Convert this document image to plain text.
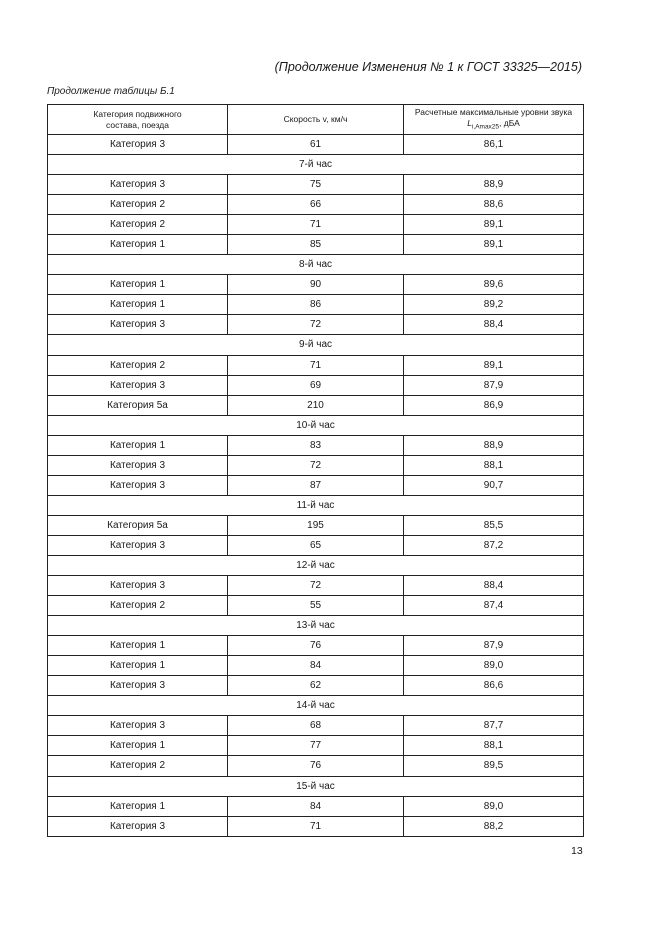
(Продолжение Изменения № 1 к ГОСТ 33325—2015)
Продолжение таблицы Б.1
Категория подвижного состава, поезда	Скорость v, км/ч	Расчетные максимальные уровни звука
$L_{i,Amax25}$, дБА
Категория 3	61	86,1
7-й час		
Категория 3	75	88,9
Категория 2	66	88,6
Категория 2	71	89,1
Категория 1	85	89,1
8-й час		
Категория 1	90	89,6
Категория 1	86	89,2
Категория 3	72	88,4
9-й час		
Категория 2	71	89,1
Категория 3	69	87,9
Категория 5а	210	86,9
10-й час		
Категория 1	83	88,9
Категория 3	72	88,1
Категория 3	87	90,7
11-й час		
Категория 5а	195	85,5
Категория 3	65	87,2
12-й час		
Категория 3	72	88,4
Категория 2	55	87,4
13-й час		
Категория 1	76	87,9
Категория 1	84	89,0
Категория 3	62	86,6
14-й час		
Категория 3	68	87,7
Категория 1	77	88,1
Категория 2	76	89,5
15-й час		
Категория 1	84	89,0
Категория 3	71	88,2
13
